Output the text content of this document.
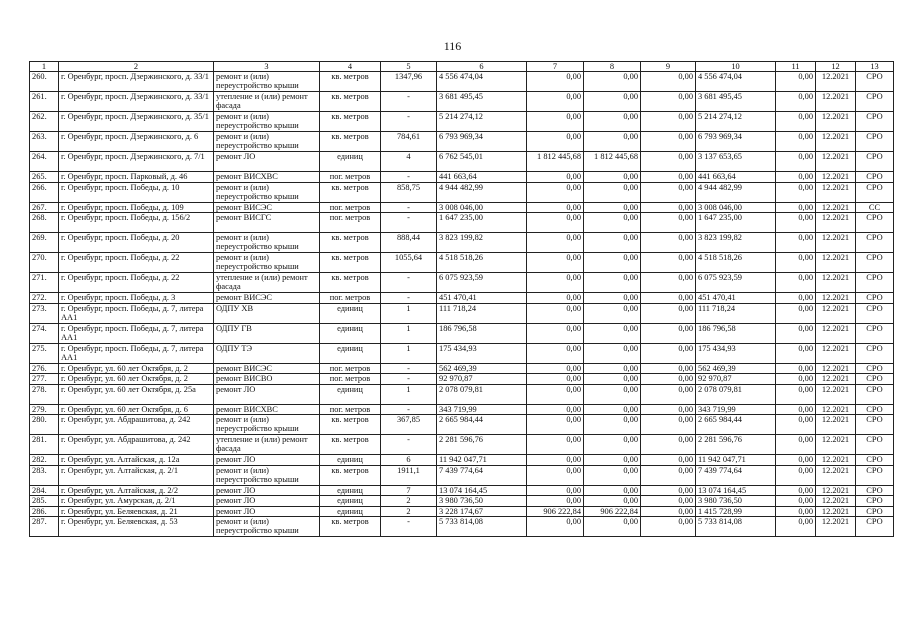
116
1	2	3	4	5	6	7	8	9	10	11	12	13
260.	г. Оренбург, просп. Дзержинского, д. 33/1	ремонт и (или) переустройство крыши	кв. метров	1347,96	4 556 474,04	0,00	0,00	0,00	4 556 474,04	0,00	12.2021	СРО
261.	г. Оренбург, просп. Дзержинского, д. 33/1	утепление и (или) ремонт фасада	кв. метров	-	3 681 495,45	0,00	0,00	0,00	3 681 495,45	0,00	12.2021	СРО
262.	г. Оренбург, просп. Дзержинского, д. 35/1	ремонт и (или) переустройство крыши	кв. метров	-	5 214 274,12	0,00	0,00	0,00	5 214 274,12	0,00	12.2021	СРО
263.	г. Оренбург, просп. Дзержинского, д. 6	ремонт и (или) переустройство крыши	кв. метров	784,61	6 793 969,34	0,00	0,00	0,00	6 793 969,34	0,00	12.2021	СРО
264.	г. Оренбург, просп. Дзержинского, д. 7/1	ремонт ЛО	единиц	4	6 762 545,01	1 812 445,68	1 812 445,68	0,00	3 137 653,65	0,00	12.2021	СРО
265.	г. Оренбург, просп. Парковый, д. 46	ремонт ВИСХВС	пог. метров	-	441 663,64	0,00	0,00	0,00	441 663,64	0,00	12.2021	СРО
266.	г. Оренбург, просп. Победы, д. 10	ремонт и (или) переустройство крыши	кв. метров	858,75	4 944 482,99	0,00	0,00	0,00	4 944 482,99	0,00	12.2021	СРО
267.	г. Оренбург, просп. Победы, д. 109	ремонт ВИСЭС	пог. метров	-	3 008 046,00	0,00	0,00	0,00	3 008 046,00	0,00	12.2021	СС
268.	г. Оренбург, просп. Победы, д. 156/2	ремонт ВИСГС	пог. метров	-	1 647 235,00	0,00	0,00	0,00	1 647 235,00	0,00	12.2021	СРО
269.	г. Оренбург, просп. Победы, д. 20	ремонт и (или) переустройство крыши	кв. метров	888,44	3 823 199,82	0,00	0,00	0,00	3 823 199,82	0,00	12.2021	СРО
270.	г. Оренбург, просп. Победы, д. 22	ремонт и (или) переустройство крыши	кв. метров	1055,64	4 518 518,26	0,00	0,00	0,00	4 518 518,26	0,00	12.2021	СРО
271.	г. Оренбург, просп. Победы, д. 22	утепление и (или) ремонт фасада	кв. метров	-	6 075 923,59	0,00	0,00	0,00	6 075 923,59	0,00	12.2021	СРО
272.	г. Оренбург, просп. Победы, д. 3	ремонт ВИСЭС	пог. метров	-	451 470,41	0,00	0,00	0,00	451 470,41	0,00	12.2021	СРО
273.	г. Оренбург, просп. Победы, д. 7, литера АА1	ОДПУ ХВ	единиц	1	111 718,24	0,00	0,00	0,00	111 718,24	0,00	12.2021	СРО
274.	г. Оренбург, просп. Победы, д. 7, литера АА1	ОДПУ ГВ	единиц	1	186 796,58	0,00	0,00	0,00	186 796,58	0,00	12.2021	СРО
275.	г. Оренбург, просп. Победы, д. 7, литера АА1	ОДПУ ТЭ	единиц	1	175 434,93	0,00	0,00	0,00	175 434,93	0,00	12.2021	СРО
276.	г. Оренбург, ул. 60 лет Октября, д. 2	ремонт ВИСЭС	пог. метров	-	562 469,39	0,00	0,00	0,00	562 469,39	0,00	12.2021	СРО
277.	г. Оренбург, ул. 60 лет Октября, д. 2	ремонт ВИСВО	пог. метров	-	92 970,87	0,00	0,00	0,00	92 970,87	0,00	12.2021	СРО
278.	г. Оренбург, ул. 60 лет Октября, д. 25а	ремонт ЛО	единиц	1	2 078 079,81	0,00	0,00	0,00	2 078 079,81	0,00	12.2021	СРО
279.	г. Оренбург, ул. 60 лет Октября, д. 6	ремонт ВИСХВС	пог. метров	-	343 719,99	0,00	0,00	0,00	343 719,99	0,00	12.2021	СРО
280.	г. Оренбург, ул. Абдрашитова, д. 242	ремонт и (или) переустройство крыши	кв. метров	367,85	2 665 984,44	0,00	0,00	0,00	2 665 984,44	0,00	12.2021	СРО
281.	г. Оренбург, ул. Абдрашитова, д. 242	утепление и (или) ремонт фасада	кв. метров	-	2 281 596,76	0,00	0,00	0,00	2 281 596,76	0,00	12.2021	СРО
282.	г. Оренбург, ул. Алтайская, д. 12а	ремонт ЛО	единиц	6	11 942 047,71	0,00	0,00	0,00	11 942 047,71	0,00	12.2021	СРО
283.	г. Оренбург, ул. Алтайская, д. 2/1	ремонт и (или) переустройство крыши	кв. метров	1911,1	7 439 774,64	0,00	0,00	0,00	7 439 774,64	0,00	12.2021	СРО
284.	г. Оренбург, ул. Алтайская, д. 2/2	ремонт ЛО	единиц	7	13 074 164,45	0,00	0,00	0,00	13 074 164,45	0,00	12.2021	СРО
285.	г. Оренбург, ул. Амурская, д. 2/1	ремонт ЛО	единиц	2	3 980 736,50	0,00	0,00	0,00	3 980 736,50	0,00	12.2021	СРО
286.	г. Оренбург, ул. Беляевская, д. 21	ремонт ЛО	единиц	2	3 228 174,67	906 222,84	906 222,84	0,00	1 415 728,99	0,00	12.2021	СРО
287.	г. Оренбург, ул. Беляевская, д. 53	ремонт и (или) переустройство крыши	кв. метров	-	5 733 814,08	0,00	0,00	0,00	5 733 814,08	0,00	12.2021	СРО
